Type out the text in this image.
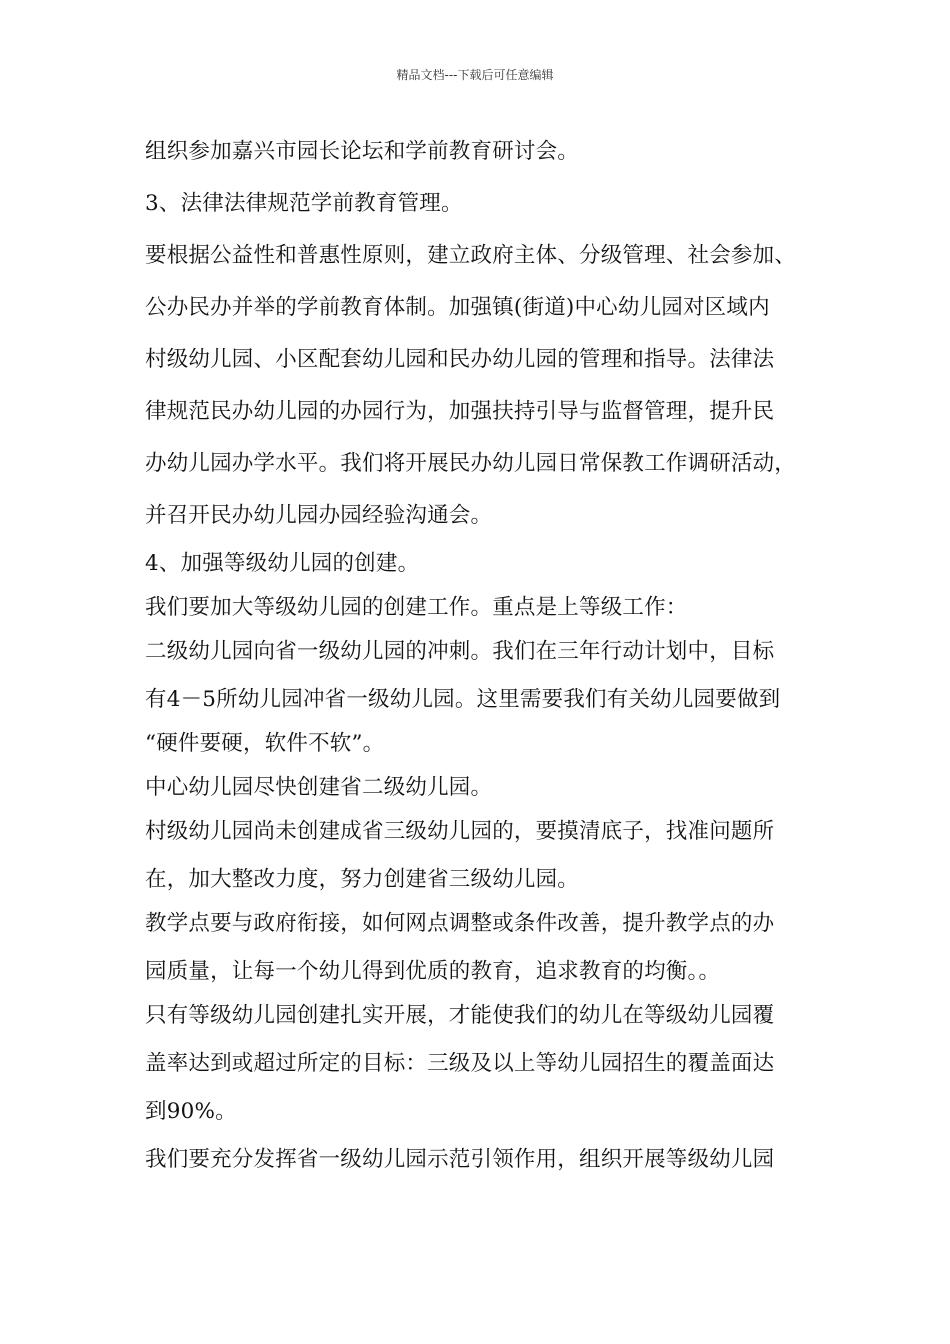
精品文档---下载后可任意编辑
组织参加嘉兴市园长论坛和学前教育研讨会。
3、法律法律规范学前教育管理。
要根据公益性和普惠性原则，建立政府主体、分级管理、社会参加、
公办民办并举的学前教育体制。加强镇(街道)中心幼儿园对区域内
村级幼儿园、小区配套幼儿园和民办幼儿园的管理和指导。法律法
律规范民办幼儿园的办园行为，加强扶持引导与监督管理，提升民
办幼儿园办学水平。我们将开展民办幼儿园日常保教工作调研活动，
并召开民办幼儿园办园经验沟通会。
4、加强等级幼儿园的创建。
我们要加大等级幼儿园的创建工作。重点是上等级工作：
二级幼儿园向省一级幼儿园的冲刺。我们在三年行动计划中，目标
有4－5所幼儿园冲省一级幼儿园。这里需要我们有关幼儿园要做到
“硬件要硬，软件不软”。
中心幼儿园尽快创建省二级幼儿园。
村级幼儿园尚未创建成省三级幼儿园的，要摸清底子，找准问题所
在，加大整改力度，努力创建省三级幼儿园。
教学点要与政府衔接，如何网点调整或条件改善，提升教学点的办
园质量，让每一个幼儿得到优质的教育，追求教育的均衡。。
只有等级幼儿园创建扎实开展，才能使我们的幼儿在等级幼儿园覆
盖率达到或超过所定的目标：三级及以上等幼儿园招生的覆盖面达
到90%。
我们要充分发挥省一级幼儿园示范引领作用，组织开展等级幼儿园
